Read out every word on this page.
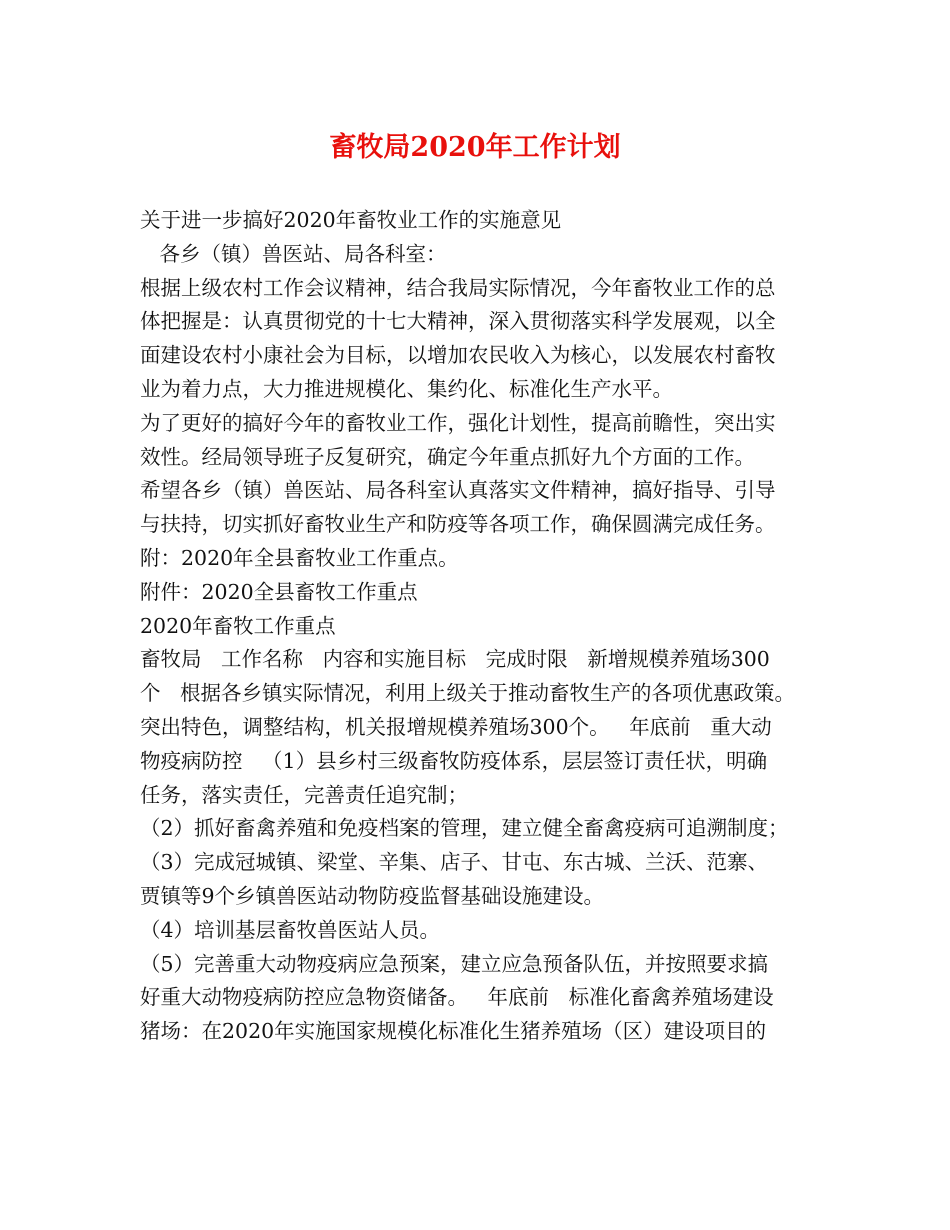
畜牧局2020年工作计划
关于进一步搞好2020年畜牧业工作的实施意见
各乡（镇）兽医站、局各科室：
根据上级农村工作会议精神，结合我局实际情况，今年畜牧业工作的总
体把握是：认真贯彻党的十七大精神，深入贯彻落实科学发展观，以全
面建设农村小康社会为目标，以增加农民收入为核心，以发展农村畜牧
业为着力点，大力推进规模化、集约化、标准化生产水平。
为了更好的搞好今年的畜牧业工作，强化计划性，提高前瞻性，突出实
效性。经局领导班子反复研究，确定今年重点抓好九个方面的工作。
希望各乡（镇）兽医站、局各科室认真落实文件精神，搞好指导、引导
与扶持，切实抓好畜牧业生产和防疫等各项工作，确保圆满完成任务。
附：2020年全县畜牧业工作重点。
附件：2020全县畜牧工作重点
2020年畜牧工作重点
畜牧局   工作名称   内容和实施目标   完成时限   新增规模养殖场300
个   根据各乡镇实际情况，利用上级关于推动畜牧生产的各项优惠政策。
突出特色，调整结构，机关报增规模养殖场300个。   年底前   重大动
物疫病防控   （1）县乡村三级畜牧防疫体系，层层签订责任状，明确
任务，落实责任，完善责任追究制；
（2）抓好畜禽养殖和免疫档案的管理，建立健全畜禽疫病可追溯制度；
（3）完成冠城镇、梁堂、辛集、店子、甘屯、东古城、兰沃、范寨、
贾镇等9个乡镇兽医站动物防疫监督基础设施建设。
（4）培训基层畜牧兽医站人员。
（5）完善重大动物疫病应急预案，建立应急预备队伍，并按照要求搞
好重大动物疫病防控应急物资储备。   年底前   标准化畜禽养殖场建设
猪场：在2020年实施国家规模化标准化生猪养殖场（区）建设项目的
